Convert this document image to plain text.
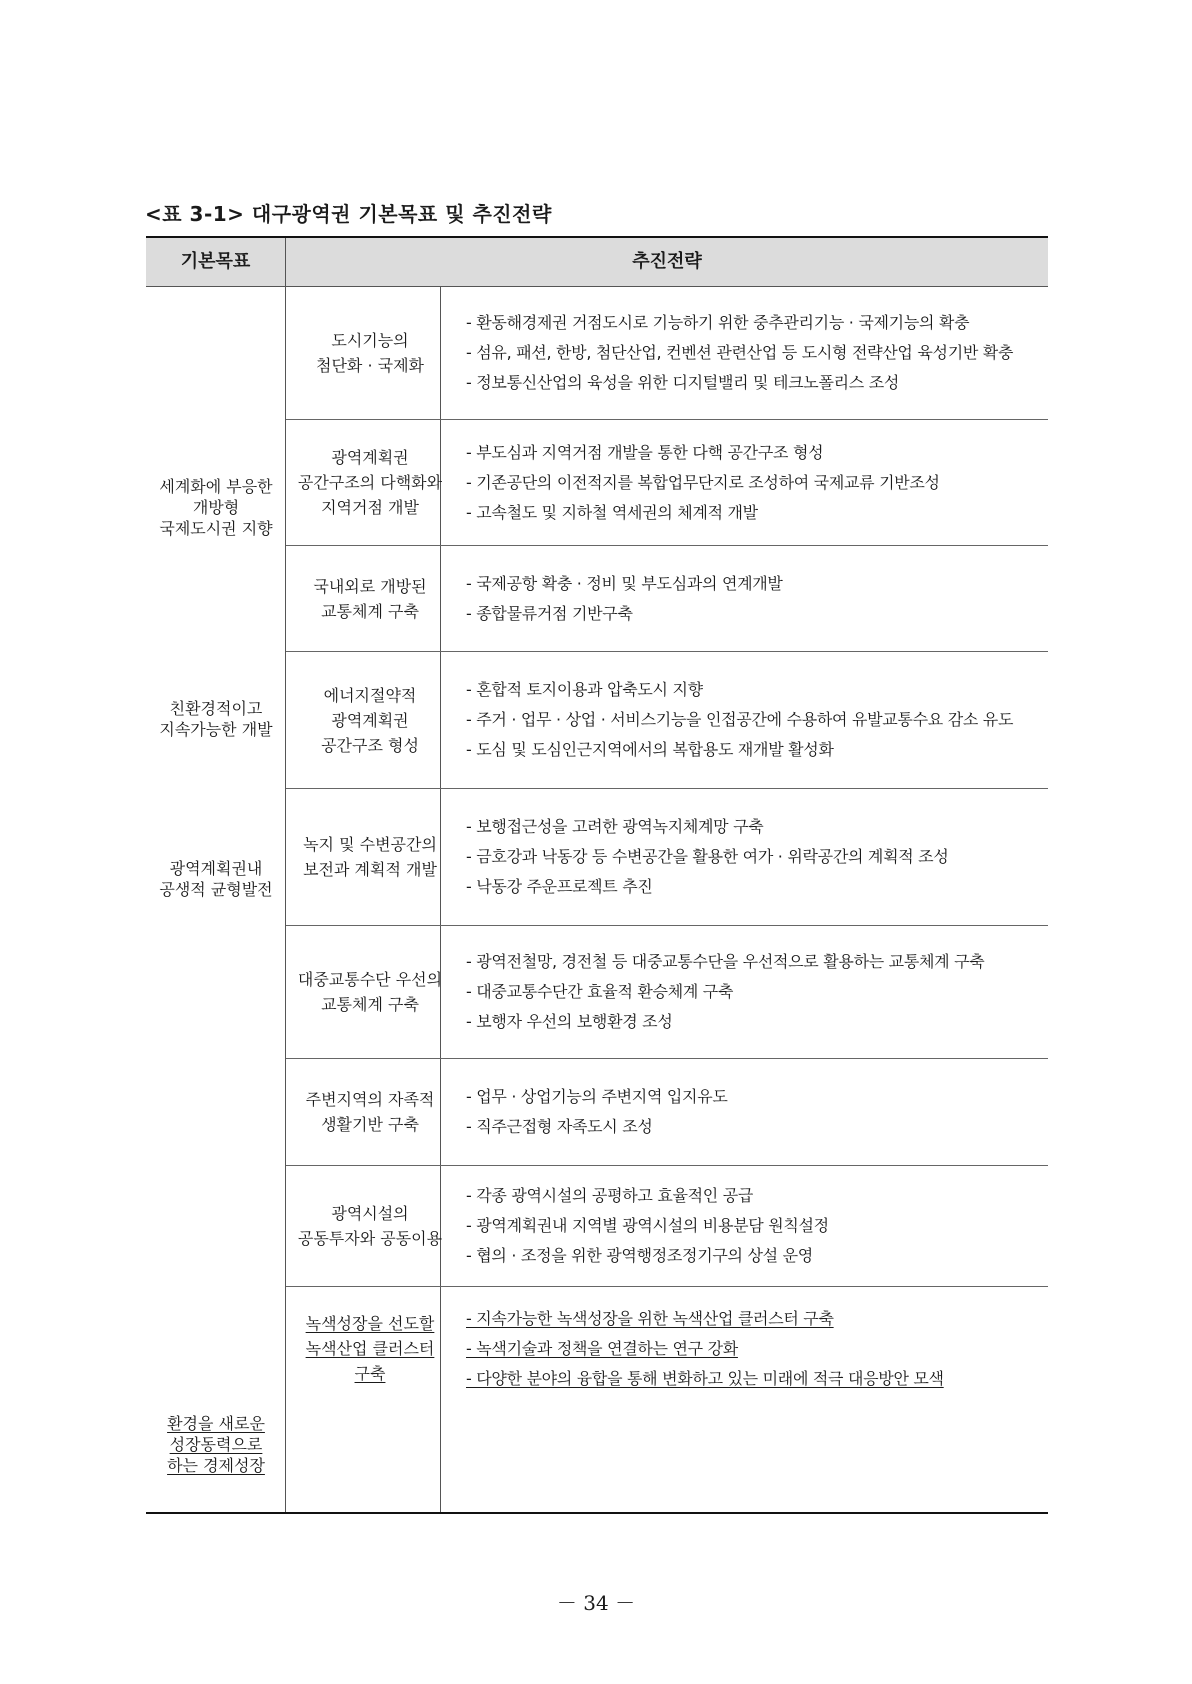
<표 3-1> 대구광역권 기본목표 및 추진전략
기본목표	추진전략
세계화에 부응한
개방형
국제도시권 지향
친환경적이고
지속가능한 개발
광역계획권내
공생적 균형발전
환경을 새로운
성장동력으로
하는 경제성장
도시기능의
첨단화 · 국제화
- 환동해경제권 거점도시로 기능하기 위한 중추관리기능 · 국제기능의 확충
- 섬유, 패션, 한방, 첨단산업, 컨벤션 관련산업 등 도시형 전략산업 육성기반 확충
- 정보통신산업의 육성을 위한 디지털밸리 및 테크노폴리스 조성
광역계획권
공간구조의 다핵화와
지역거점 개발
- 부도심과 지역거점 개발을 통한 다핵 공간구조 형성
- 기존공단의 이전적지를 복합업무단지로 조성하여 국제교류 기반조성
- 고속철도 및 지하철 역세권의 체계적 개발
국내외로 개방된
교통체계 구축
- 국제공항 확충 · 정비 및 부도심과의 연계개발
- 종합물류거점 기반구축
에너지절약적
광역계획권
공간구조 형성
- 혼합적 토지이용과 압축도시 지향
- 주거 · 업무 · 상업 · 서비스기능을 인접공간에 수용하여 유발교통수요 감소 유도
- 도심 및 도심인근지역에서의 복합용도 재개발 활성화
녹지 및 수변공간의
보전과 계획적 개발
- 보행접근성을 고려한 광역녹지체계망 구축
- 금호강과 낙동강 등 수변공간을 활용한 여가 · 위락공간의 계획적 조성
- 낙동강 주운프로젝트 추진
대중교통수단 우선의
교통체계 구축
- 광역전철망, 경전철 등 대중교통수단을 우선적으로 활용하는 교통체계 구축
- 대중교통수단간 효율적 환승체계 구축
- 보행자 우선의 보행환경 조성
주변지역의 자족적
생활기반 구축
- 업무 · 상업기능의 주변지역 입지유도
- 직주근접형 자족도시 조성
광역시설의
공동투자와 공동이용
- 각종 광역시설의 공평하고 효율적인 공급
- 광역계획권내 지역별 광역시설의 비용분담 원칙설정
- 협의 · 조정을 위한 광역행정조정기구의 상설 운영
녹색성장을 선도할
녹색산업 클러스터
구축
- 지속가능한 녹색성장을 위한 녹색산업 클러스터 구축
- 녹색기술과 정책을 연결하는 연구 강화
- 다양한 분야의 융합을 통해 변화하고 있는 미래에 적극 대응방안 모색
－ 34 －
